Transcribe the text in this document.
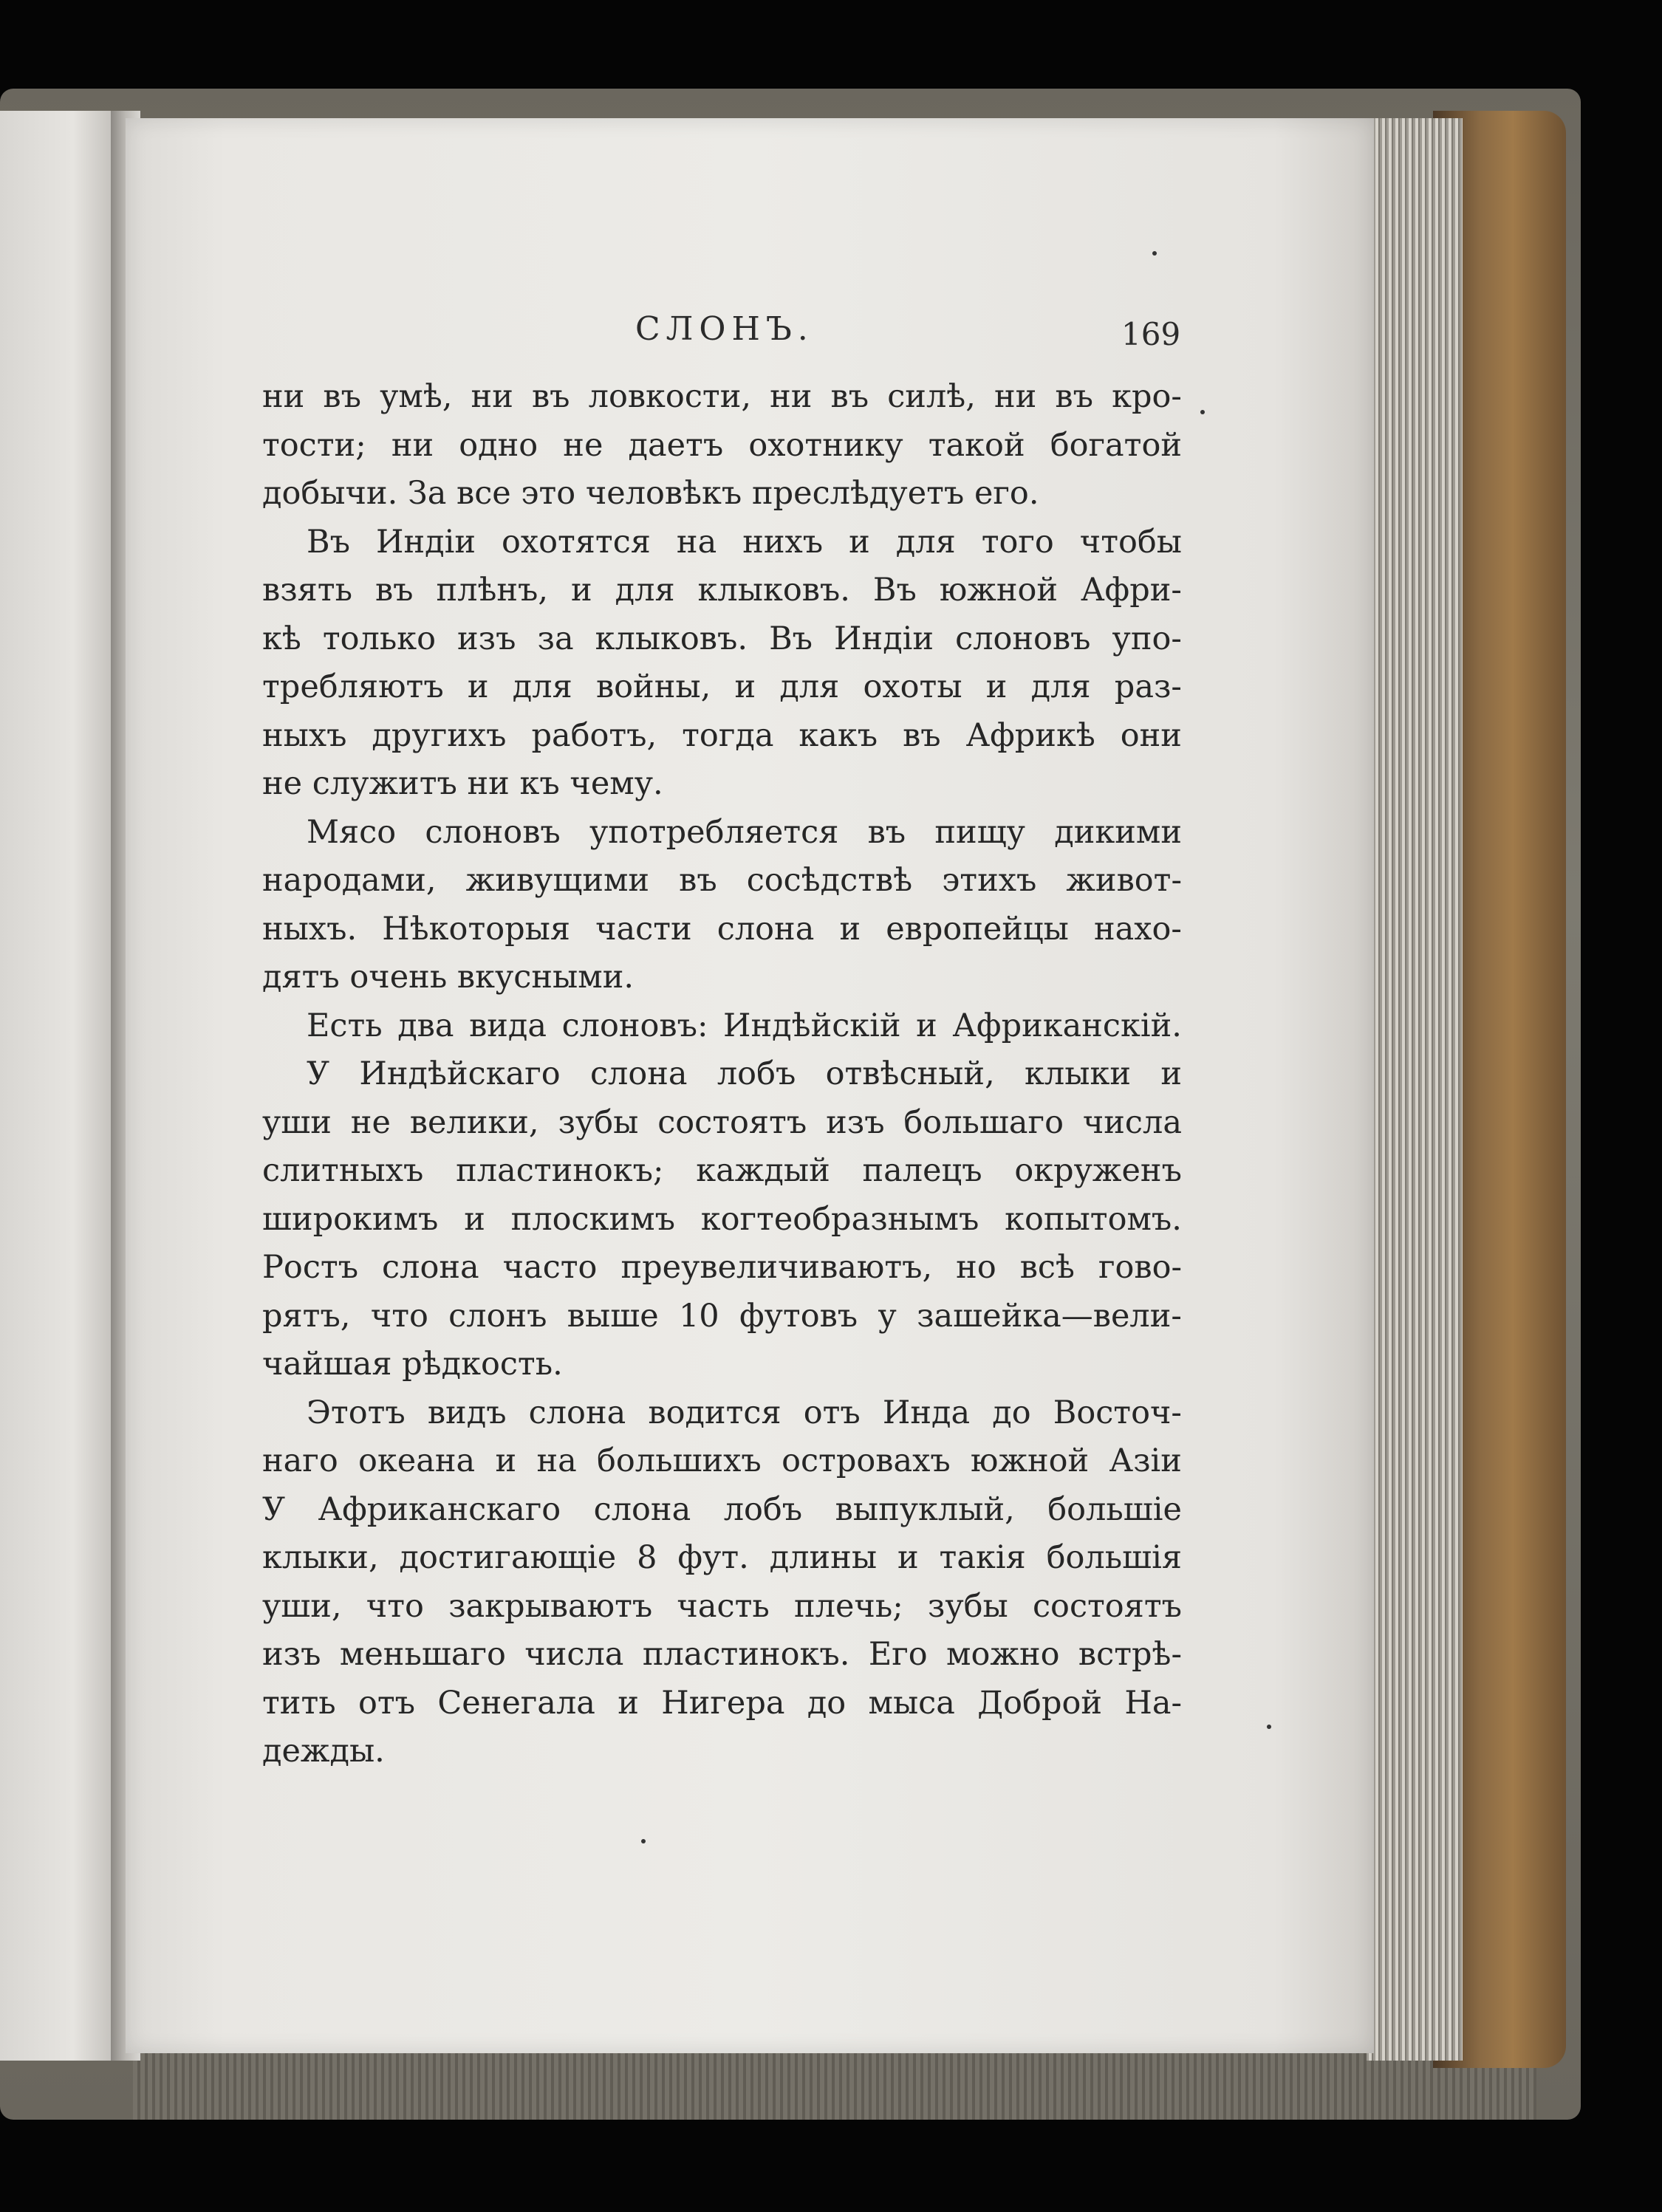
СЛОНЪ.	169
ни въ умѣ, ни въ ловкости, ни въ силѣ, ни въ кро-
тости; ни одно не даетъ охотнику такой богатой
добычи. За все это человѣкъ преслѣдуетъ его.
Въ Индіи охотятся на нихъ и для того чтобы
взять въ плѣнъ, и для клыковъ. Въ южной Афри-
кѣ только изъ за клыковъ. Въ Индіи слоновъ упо-
требляютъ и для войны, и для охоты и для раз-
ныхъ другихъ работъ, тогда какъ въ Африкѣ они
не служитъ ни къ чему.
Мясо слоновъ употребляется въ пищу дикими
народами, живущими въ сосѣдствѣ этихъ живот-
ныхъ. Нѣкоторыя части слона и европейцы нахо-
дятъ очень вкусными.
Есть два вида слоновъ: Индѣйскій и Африканскій.
У Индѣйскаго слона лобъ отвѣсный, клыки и
уши не велики, зубы состоятъ изъ большаго числа
слитныхъ пластинокъ; каждый палецъ окруженъ
широкимъ и плоскимъ когтеобразнымъ копытомъ.
Ростъ слона часто преувеличиваютъ, но всѣ гово-
рятъ, что слонъ выше 10 футовъ у зашейка—вели-
чайшая рѣдкость.
Этотъ видъ слона водится отъ Инда до Восточ-
наго океана и на большихъ островахъ южной Азіи
У Африканскаго слона лобъ выпуклый, большіе
клыки, достигающіе 8 фут. длины и такія большія
уши, что закрываютъ часть плечь; зубы состоятъ
изъ меньшаго числа пластинокъ. Его можно встрѣ-
тить отъ Сенегала и Нигера до мыса Доброй На-
дежды.
